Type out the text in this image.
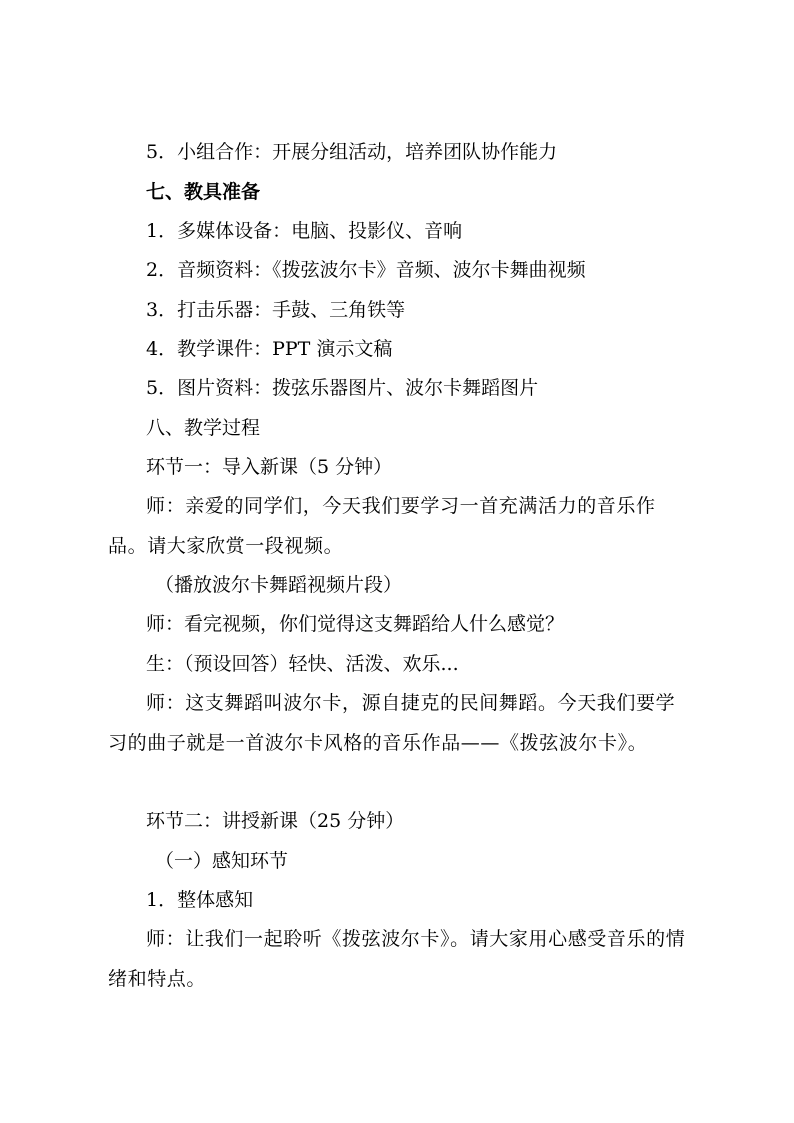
5．小组合作：开展分组活动，培养团队协作能力
七、教具准备
1．多媒体设备：电脑、投影仪、音响
2．音频资料：《拨弦波尔卡》音频、波尔卡舞曲视频
3．打击乐器：手鼓、三角铁等
4．教学课件：PPT 演示文稿
5．图片资料：拨弦乐器图片、波尔卡舞蹈图片
八、教学过程
环节一：导入新课（5 分钟）
师：亲爱的同学们，今天我们要学习一首充满活力的音乐作品。请大家欣赏一段视频。
（播放波尔卡舞蹈视频片段）
师：看完视频，你们觉得这支舞蹈给人什么感觉？
生：（预设回答）轻快、活泼、欢乐...
师：这支舞蹈叫波尔卡，源自捷克的民间舞蹈。今天我们要学习的曲子就是一首波尔卡风格的音乐作品——《拨弦波尔卡》。
环节二：讲授新课（25 分钟）
（一）感知环节
1．整体感知
师：让我们一起聆听《拨弦波尔卡》。请大家用心感受音乐的情绪和特点。
